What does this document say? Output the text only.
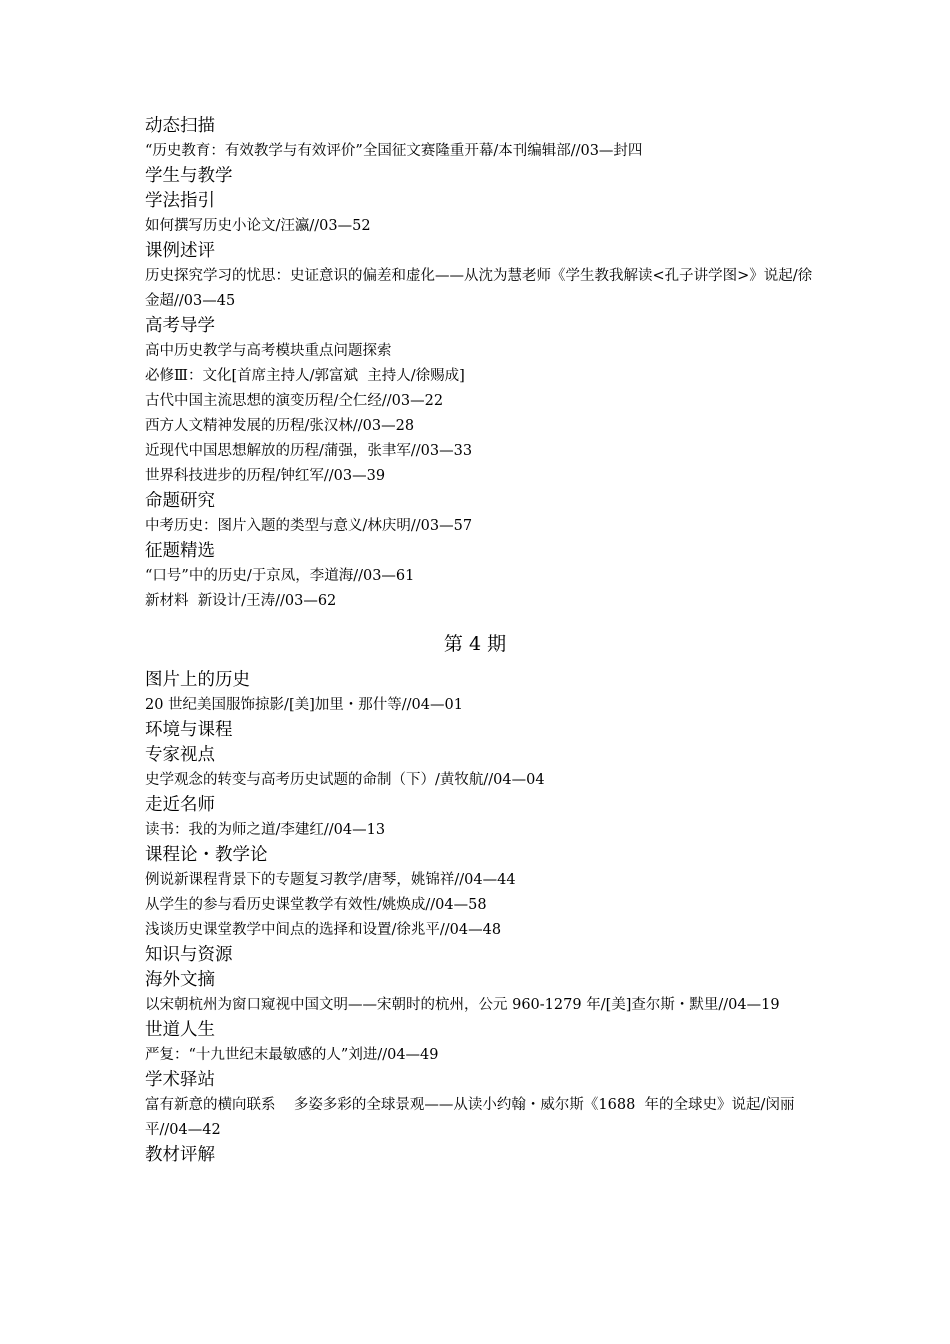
动态扫描
“历史教育：有效教学与有效评价”全国征文赛隆重开幕/本刊编辑部//03—封四
学生与教学
学法指引
如何撰写历史小论文/汪瀛//03—52
课例述评
历史探究学习的忧思：史证意识的偏差和虚化——从沈为慧老师《学生教我解读<孔子讲学图>》说起/徐金超//03—45
高考导学
高中历史教学与高考模块重点问题探索
必修Ⅲ：文化[首席主持人/郭富斌  主持人/徐赐成]
古代中国主流思想的演变历程/仝仁经//03—22
西方人文精神发展的历程/张汉林//03—28
近现代中国思想解放的历程/蒲强，张聿军//03—33
世界科技进步的历程/钟红军//03—39
命题研究
中考历史：图片入题的类型与意义/林庆明//03—57
征题精选
“口号”中的历史/于京凤，李道海//03—61
新材料  新设计/王涛//03—62
第 4 期
图片上的历史
20 世纪美国服饰掠影/[美]加里・那什等//04—01
环境与课程
专家视点
史学观念的转变与高考历史试题的命制（下）/黄牧航//04—04
走近名师
读书：我的为师之道/李建红//04—13
课程论・教学论
例说新课程背景下的专题复习教学/唐琴，姚锦祥//04—44
从学生的参与看历史课堂教学有效性/姚焕成//04—58
浅谈历史课堂教学中间点的选择和设置/徐兆平//04—48
知识与资源
海外文摘
以宋朝杭州为窗口窥视中国文明——宋朝时的杭州，公元 960-1279 年/[美]查尔斯・默里//04—19
世道人生
严复：“十九世纪末最敏感的人”刘进//04—49
学术驿站
富有新意的横向联系    多姿多彩的全球景观——从读小约翰・威尔斯《1688  年的全球史》说起/闵丽平//04—42
教材评解
